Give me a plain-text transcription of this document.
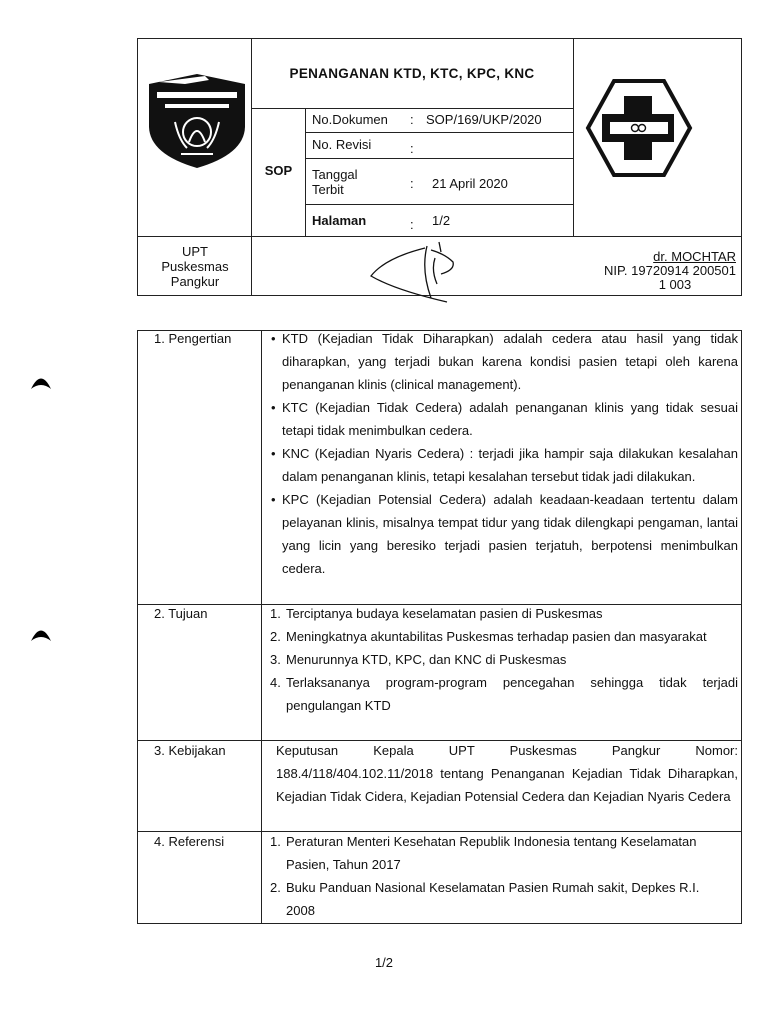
PENANGANAN KTD, KTC, KPC, KNC
SOP
No.Dokumen : SOP/169/UKP/2020
No. Revisi	:
Tanggal Terbit	: 21 April 2020
Halaman	: 1/2
UPT
Puskesmas
Pangkur
dr. MOCHTAR
NIP. 19720914 200501
1 003
1. Pengertian
•	KTD (Kejadian Tidak Diharapkan) adalah cedera atau hasil yang tidak diharapkan, yang terjadi bukan karena kondisi pasien tetapi oleh karena penanganan klinis (clinical management).
• KTC (Kejadian Tidak Cedera) adalah penanganan klinis yang tidak sesuai tetapi tidak menimbulkan cedera.
• KNC (Kejadian Nyaris Cedera) : terjadi jika hampir saja dilakukan kesalahan dalam penanganan klinis, tetapi kesalahan tersebut tidak jadi dilakukan.
• KPC (Kejadian Potensial Cedera) adalah keadaan-keadaan tertentu dalam pelayanan klinis, misalnya tempat tidur yang tidak dilengkapi pengaman, lantai yang licin yang beresiko terjadi pasien terjatuh, berpotensi menimbulkan cedera.
2. Tujuan	1. Terciptanya budaya keselamatan pasien di Puskesmas
2. Meningkatnya akuntabilitas Puskesmas terhadap pasien dan masyarakat
3. Menurunnya KTD, KPC, dan KNC di Puskesmas
4. Terlaksananya program-program pencegahan sehingga tidak terjadi pengulangan KTD
3. Kebijakan	Keputusan Kepala UPT Puskesmas Pangkur Nomor: 188.4/118/404.102.11/2018 tentang Penanganan Kejadian Tidak Diharapkan, Kejadian Tidak Cidera, Kejadian Potensial Cedera dan Kejadian Nyaris Cedera
4. Referensi	1. Peraturan Menteri Kesehatan Republik Indonesia tentang Keselamatan Pasien, Tahun 2017
2. Buku Panduan Nasional Keselamatan Pasien Rumah sakit, Depkes R.I. 2008
1/2
